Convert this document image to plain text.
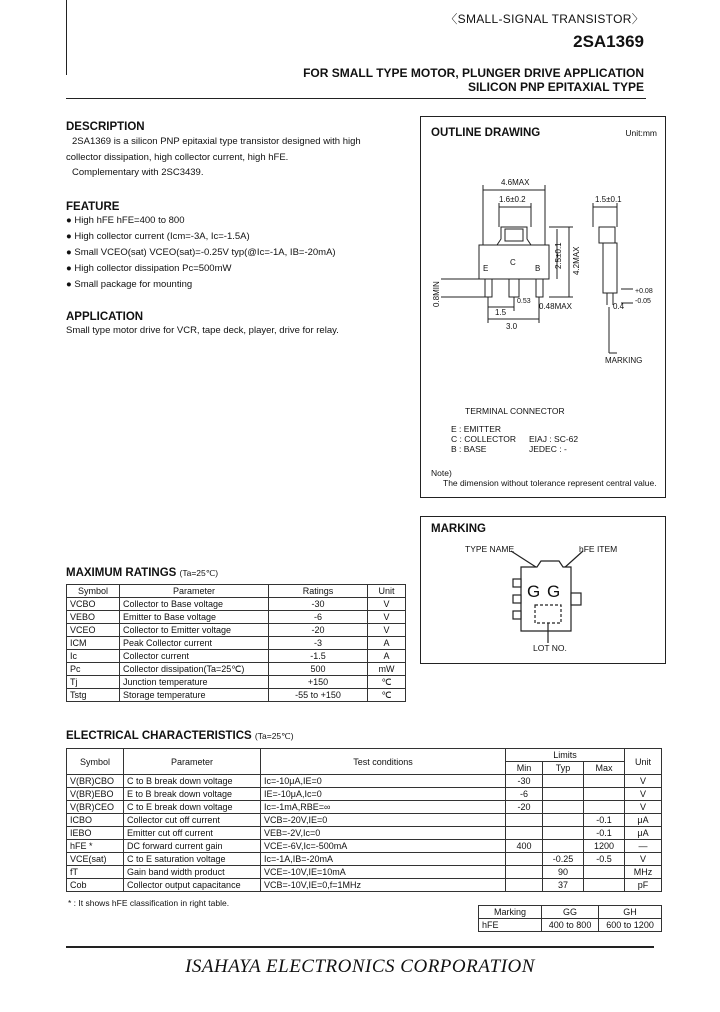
〈SMALL-SIGNAL TRANSISTOR〉
2SA1369
FOR SMALL TYPE MOTOR, PLUNGER DRIVE APPLICATION
SILICON PNP EPITAXIAL TYPE
DESCRIPTION
2SA1369 is a silicon PNP epitaxial type transistor designed with high
collector dissipation, high collector current, high hFE.
Complementary with 2SC3439.
FEATURE
● High hFE hFE=400 to 800
● High collector current (Icm=-3A, Ic=-1.5A)
● Small VCEO(sat) VCEO(sat)=-0.25V typ(@Ic=-1A, IB=-20mA)
● High collector dissipation Pc=500mW
● Small package for mounting
APPLICATION
Small type motor drive for VCR, tape deck, player, drive for relay.
OUTLINE DRAWING	Unit:mm
4.6MAX
1.6±0.2	1.5±0.1
2.5±0.1 4.2MAX
0.8MIN
E
C
B
0.53
0.48MAX
1.5
3.0
0.4
+0.08
-0.05
MARKING
TERMINAL CONNECTOR
E : EMITTER
C : COLLECTOR
B : BASE
EIAJ : SC-62
JEDEC : -
Note)
The dimension without tolerance represent central value.
MARKING
TYPE NAME	hFE ITEM
G G
LOT NO.
MAXIMUM RATINGS (Ta=25℃)
Symbol	Parameter	Ratings	Unit
VCBO	Collector to Base voltage	-30	V
VEBO	Emitter to Base voltage	-6	V
VCEO	Collector to Emitter voltage	-20	V
ICM	Peak Collector current	-3	A
Ic	Collector current	-1.5	A
Pc	Collector dissipation(Ta=25℃)	500	mW
Tj	Junction temperature	+150	℃
Tstg	Storage temperature	-55 to +150	℃
ELECTRICAL CHARACTERISTICS (Ta=25℃)
Symbol	Parameter	Test conditions	Limits			Unit
			Min	Typ	Max	
V(BR)CBO	C to B break down voltage	Ic=-10μA,IE=0	-30			V
V(BR)EBO	E to B break down voltage	IE=-10μA,Ic=0	-6			V
V(BR)CEO	C to E break down voltage	Ic=-1mA,RBE=∞	-20			V
ICBO	Collector cut off current	VCB=-20V,IE=0			-0.1	μA
IEBO	Emitter cut off current	VEB=-2V,Ic=0			-0.1	μA
hFE *	DC forward current gain	VCE=-6V,Ic=-500mA	400		1200	—
VCE(sat)	C to E saturation voltage	Ic=-1A,IB=-20mA		-0.25	-0.5	V
fT	Gain band width product	VCE=-10V,IE=10mA		90		MHz
Cob	Collector output capacitance	VCB=-10V,IE=0,f=1MHz		37		pF
* : It shows hFE classification in right table.
Marking	GG	GH
hFE	400 to 800	600 to 1200
ISAHAYA ELECTRONICS CORPORATION
